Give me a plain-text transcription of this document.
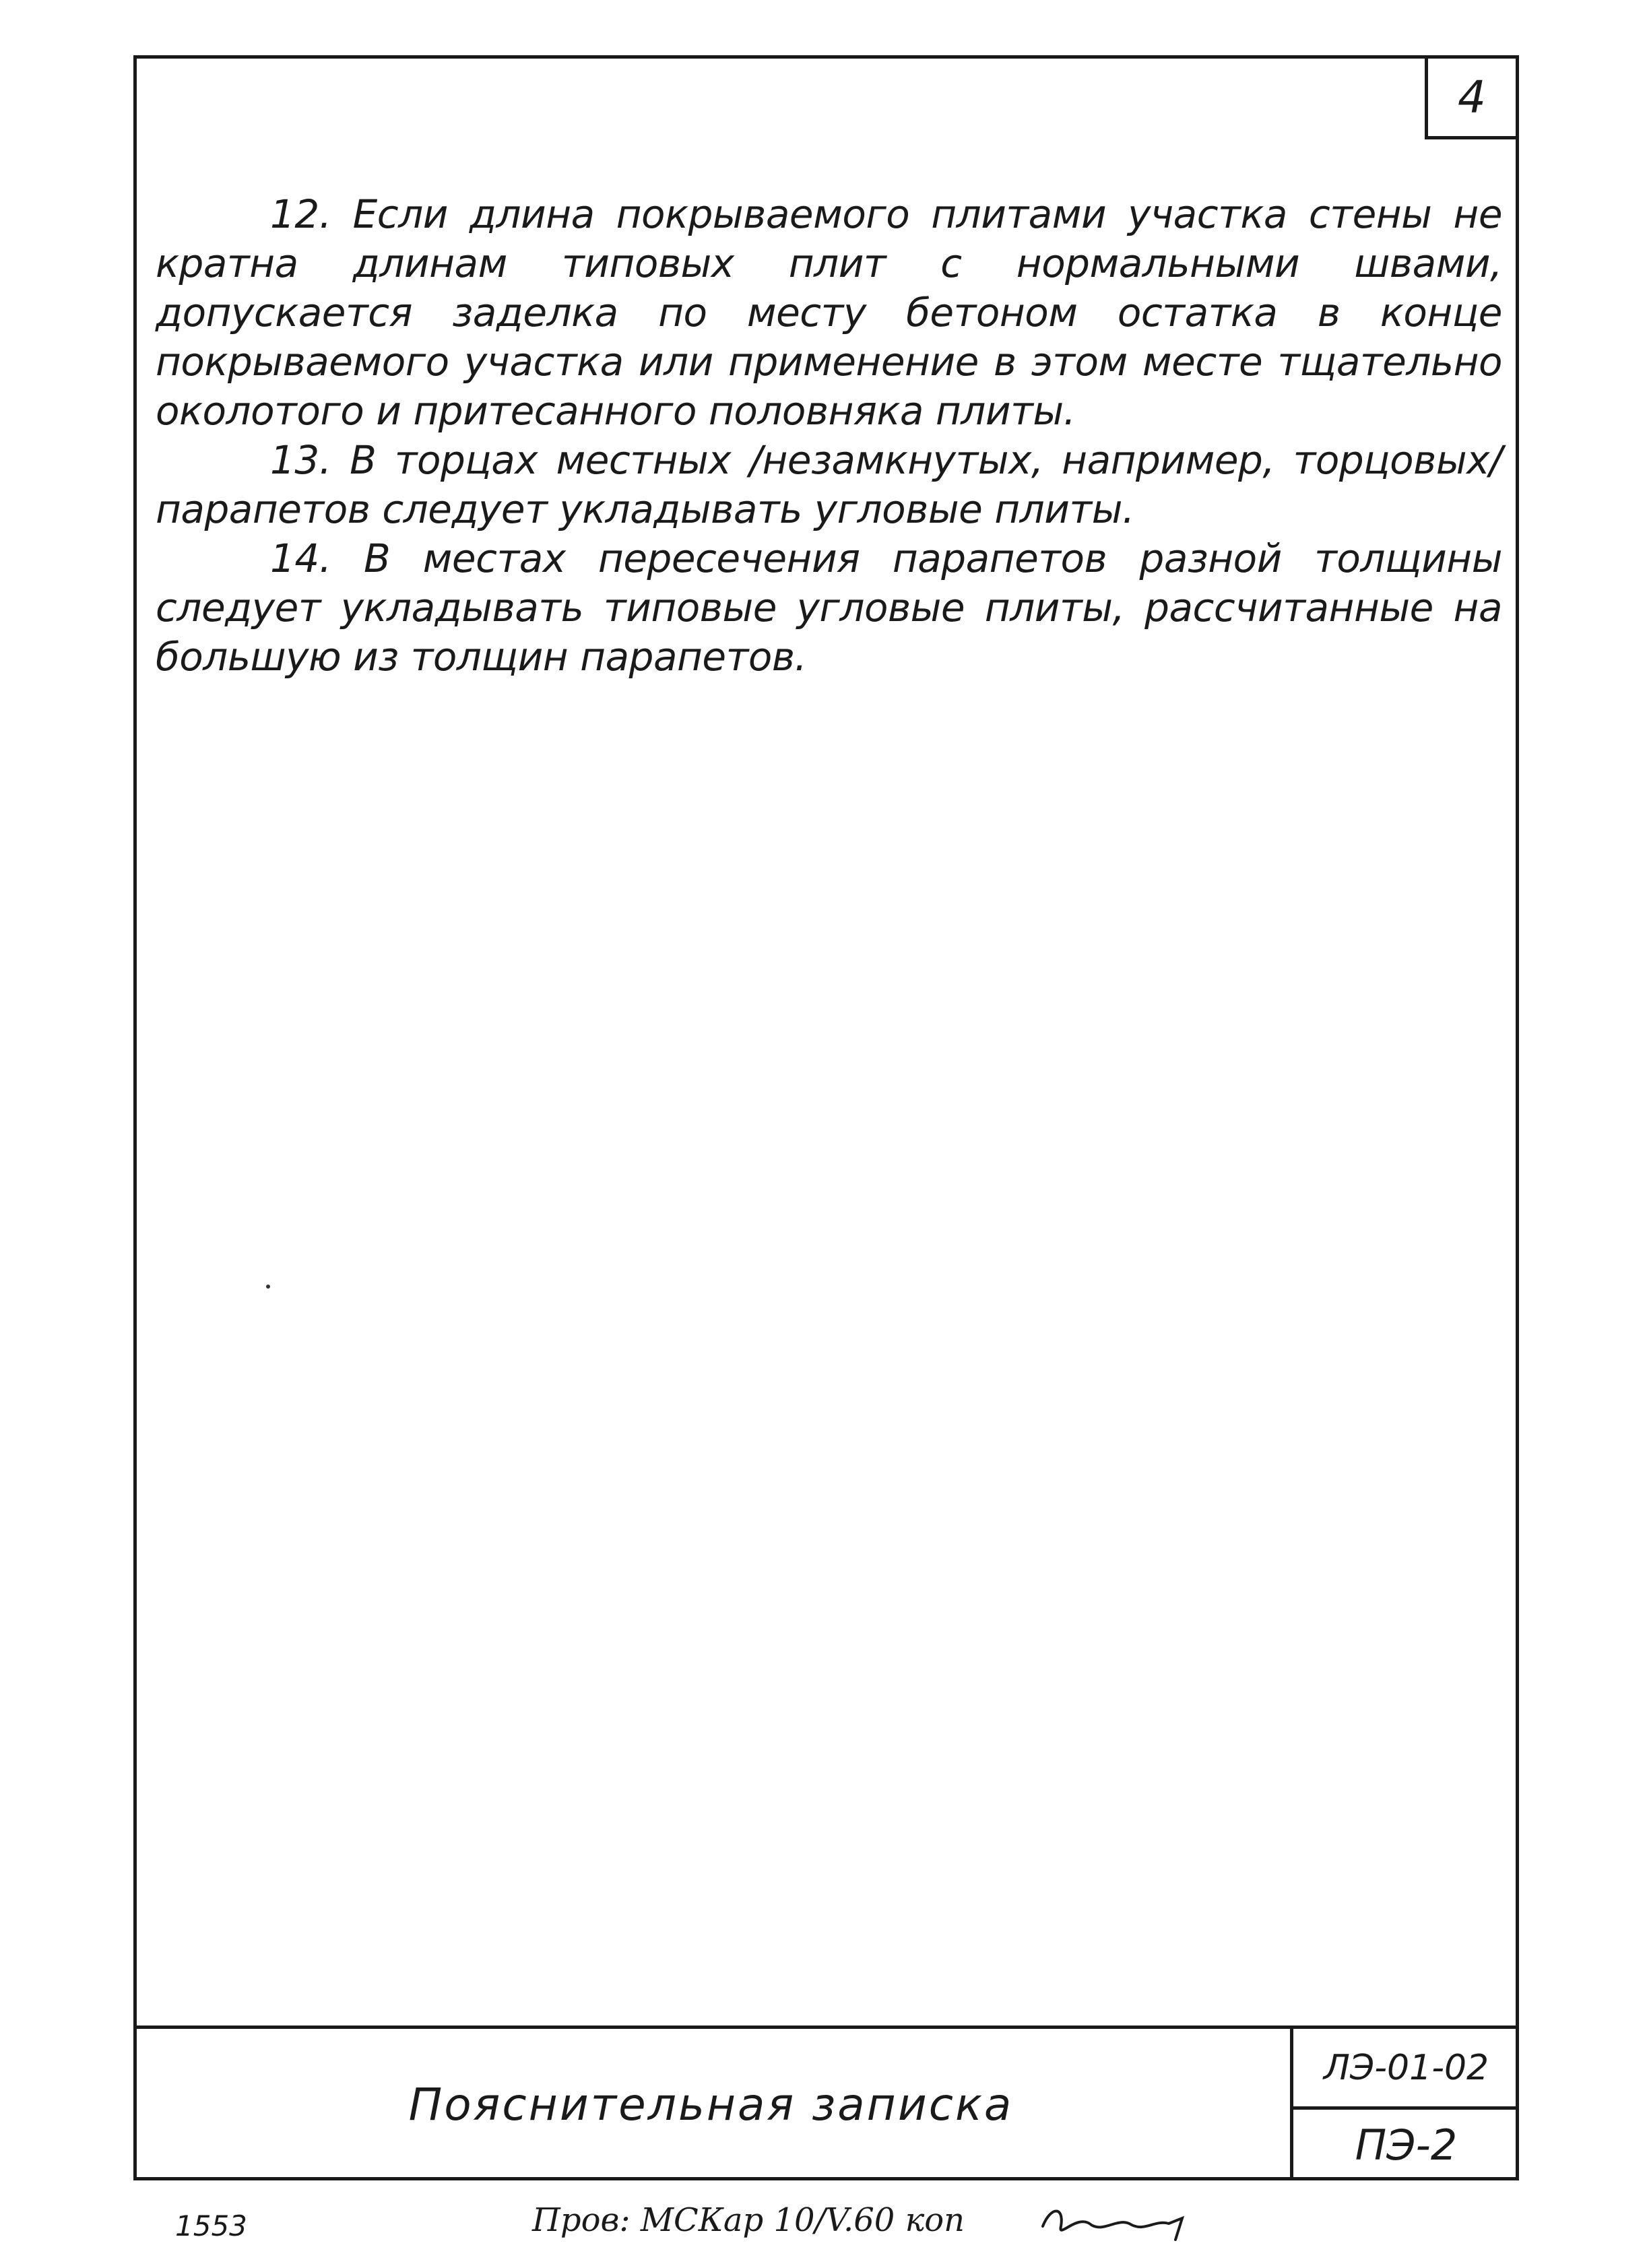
4

12. Если длина покрываемого плитами участка стены не кратна длинам типовых плит с нормальными швами, допускается заделка по месту бетоном остатка в конце покрываемого участка или применение в этом месте тщательно околотого и притесанного половняка плиты.

13. В торцах местных /незамкнутых, например, торцовых/ парапетов следует укладывать угловые плиты.

14. В местах пересечения парапетов разной толщины следует укладывать типовые угловые плиты, рассчитанные на большую из толщин парапетов.

Пояснительная записка
ЛЭ-01-02
ПЭ-2
1553	Пров: МСКар 10/V.60 коп
